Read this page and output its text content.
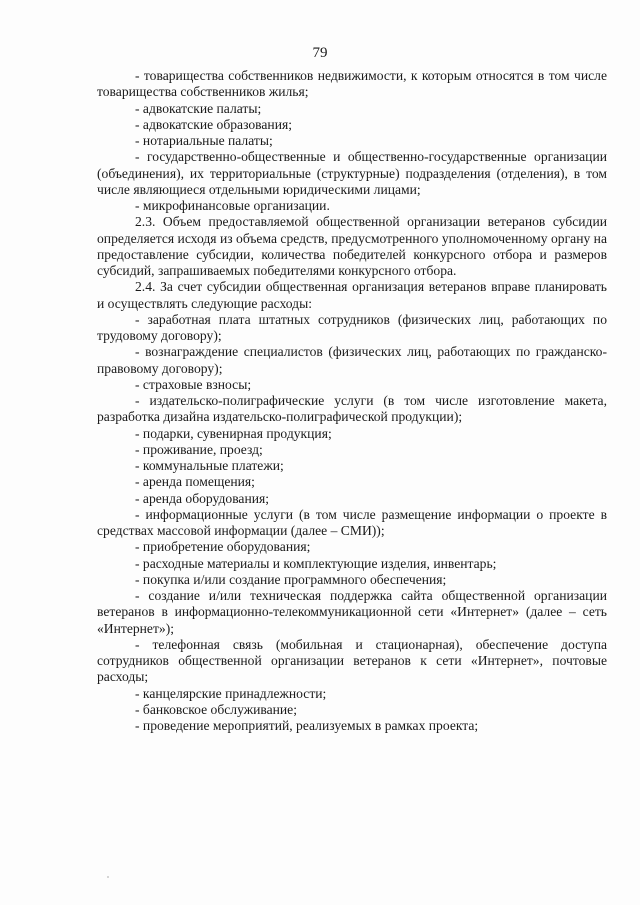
79

- товарищества собственников недвижимости, к которым относятся в том числе товарищества собственников жилья;

- адвокатские палаты;

- адвокатские образования;

- нотариальные палаты;

- государственно-общественные и общественно-государственные организации (объединения), их территориальные (структурные) подразделения (отделения), в том числе являющиеся отдельными юридическими лицами;

- микрофинансовые организации.

2.3. Объем предоставляемой общественной организации ветеранов субсидии определяется исходя из объема средств, предусмотренного уполномоченному органу на предоставление субсидии, количества победителей конкурсного отбора и размеров субсидий, запрашиваемых победителями конкурсного отбора.

2.4. За счет субсидии общественная организация ветеранов вправе планировать и осуществлять следующие расходы:

- заработная плата штатных сотрудников (физических лиц, работающих по трудовому договору);

- вознаграждение специалистов (физических лиц, работающих по гражданско-правовому договору);

- страховые взносы;

- издательско-полиграфические услуги (в том числе изготовление макета, разработка дизайна издательско-полиграфической продукции);

- подарки, сувенирная продукция;

- проживание, проезд;

- коммунальные платежи;

- аренда помещения;

- аренда оборудования;

- информационные услуги (в том числе размещение информации о проекте в средствах массовой информации (далее – СМИ));

- приобретение оборудования;

- расходные материалы и комплектующие изделия, инвентарь;

- покупка и/или создание программного обеспечения;

- создание и/или техническая поддержка сайта общественной организации ветеранов в информационно-телекоммуникационной сети «Интернет» (далее – сеть «Интернет»);

- телефонная связь (мобильная и стационарная), обеспечение доступа сотрудников общественной организации ветеранов к сети «Интернет», почтовые расходы;

- канцелярские принадлежности;

- банковское обслуживание;

- проведение мероприятий, реализуемых в рамках проекта;
